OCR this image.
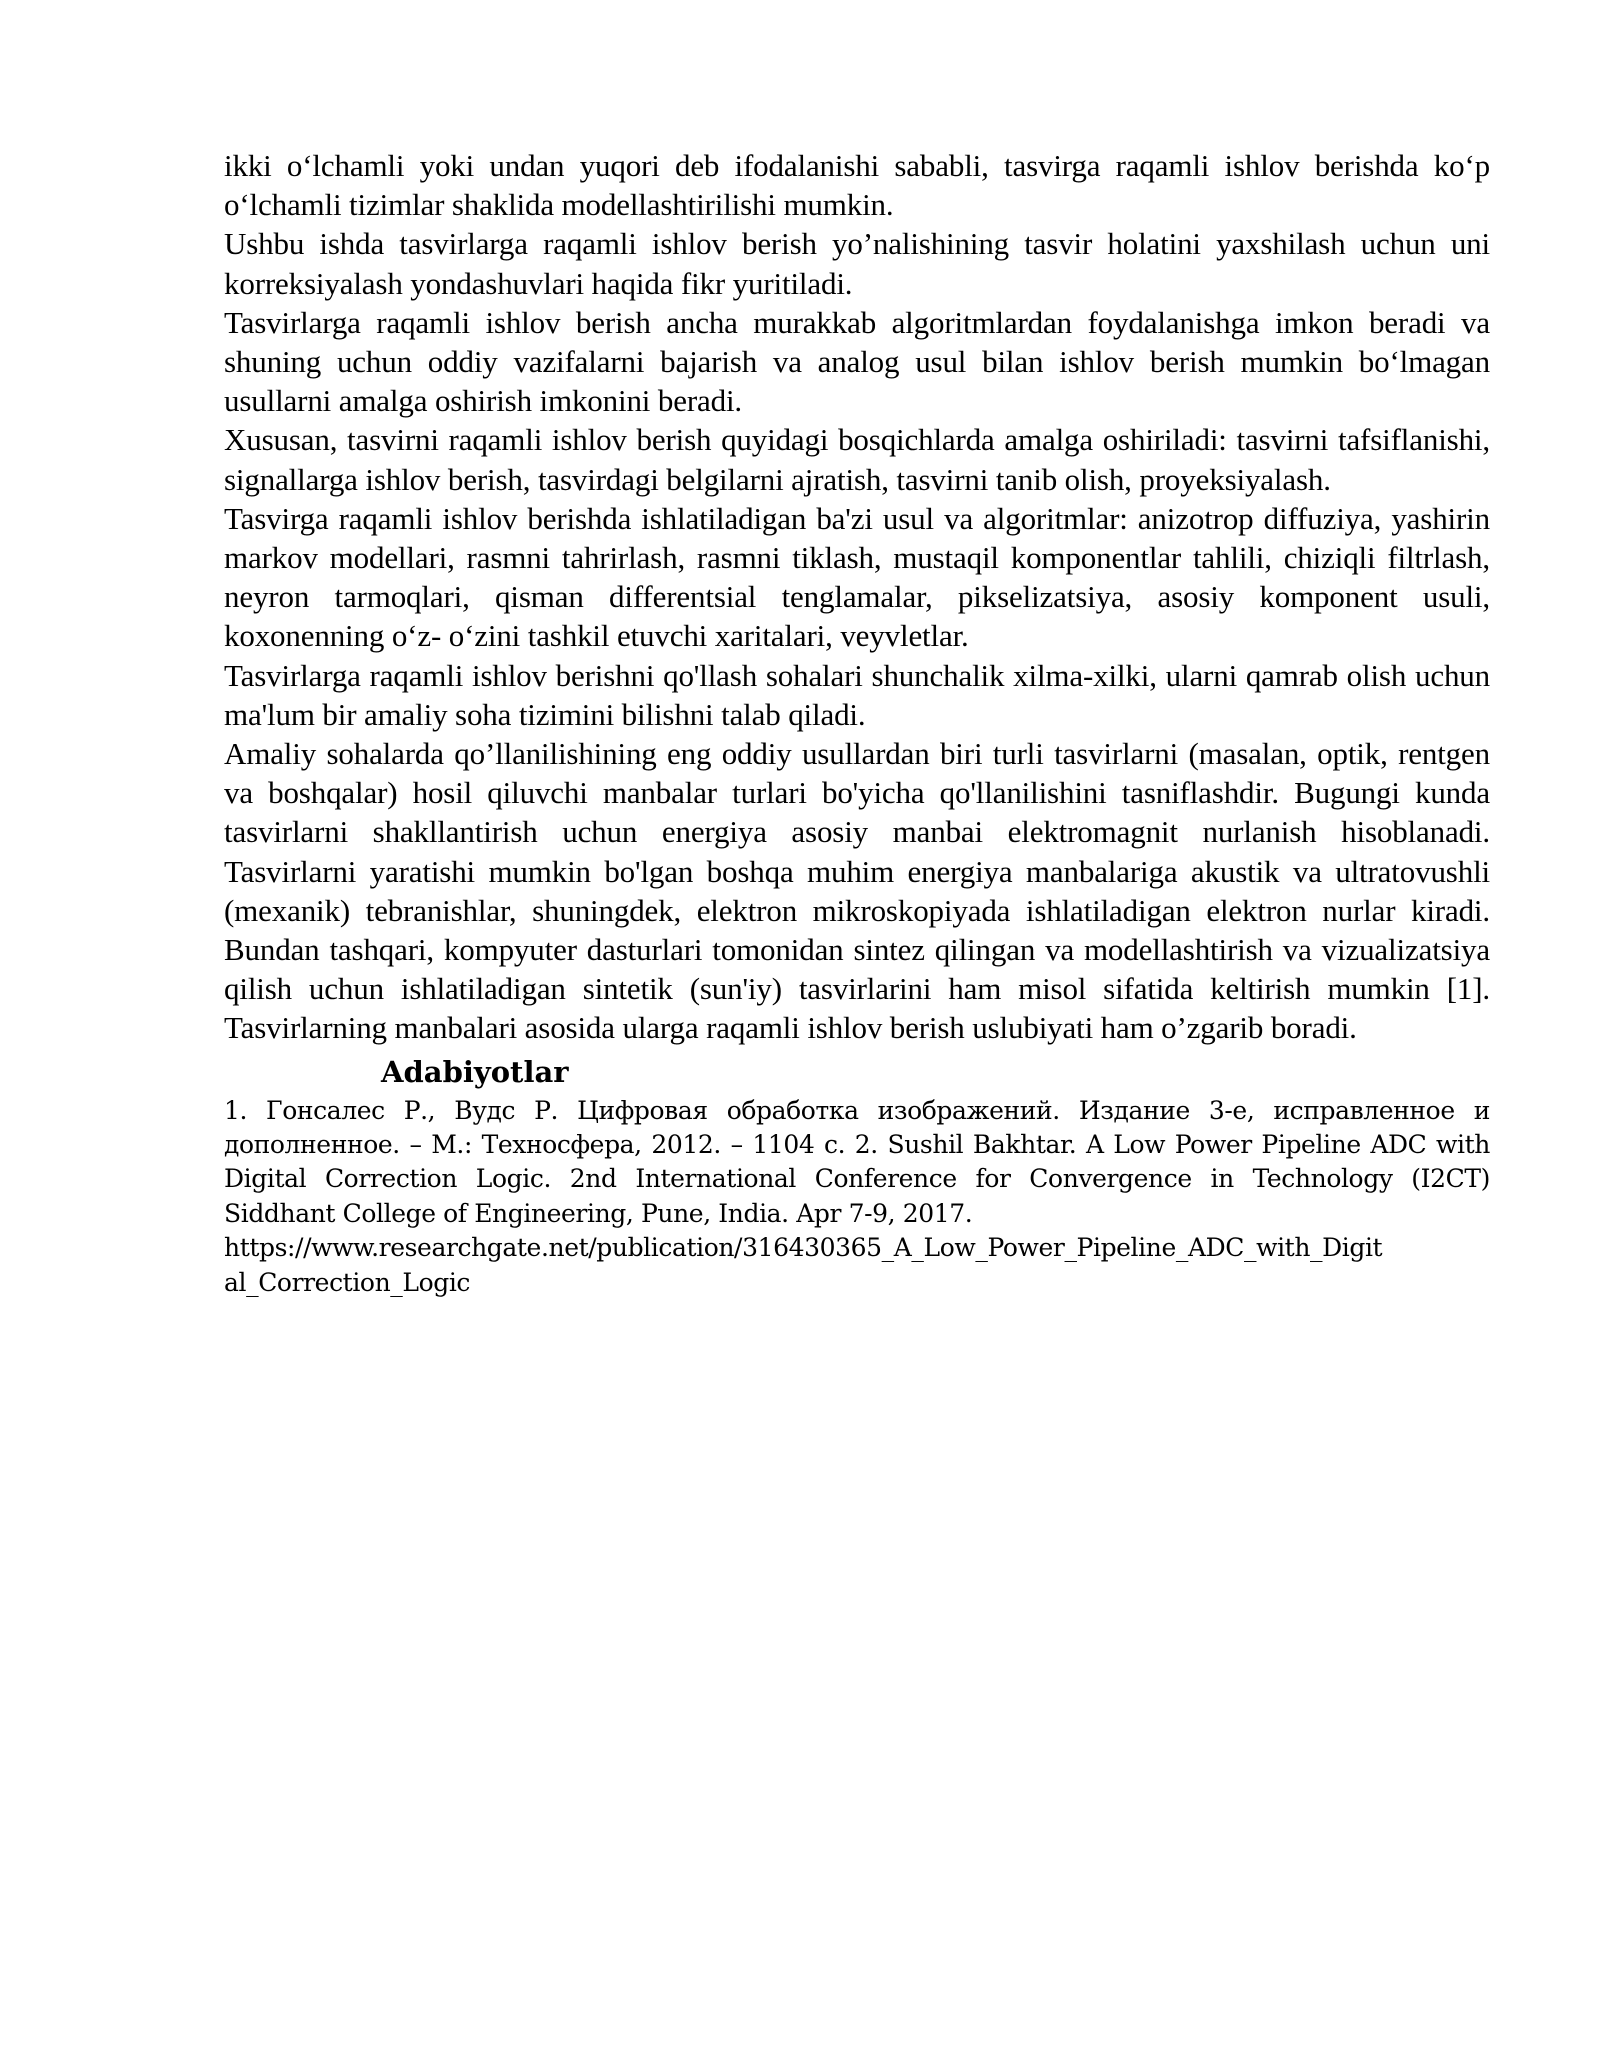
ikki o‘lchamli yoki undan yuqori deb ifodalanishi sababli, tasvirga raqamli ishlov berishda ko‘p o‘lchamli tizimlar shaklida modellashtirilishi mumkin.

Ushbu ishda tasvirlarga raqamli ishlov berish yo’nalishining tasvir holatini yaxshilash uchun uni korreksiyalash yondashuvlari haqida fikr yuritiladi.

Tasvirlarga raqamli ishlov berish ancha murakkab algoritmlardan foydalanishga imkon beradi va shuning uchun oddiy vazifalarni bajarish va analog usul bilan ishlov berish mumkin bo‘lmagan usullarni amalga oshirish imkonini beradi.

Xususan, tasvirni raqamli ishlov berish quyidagi bosqichlarda amalga oshiriladi: tasvirni tafsiflanishi, signallarga ishlov berish, tasvirdagi belgilarni ajratish, tasvirni tanib olish, proyeksiyalash.

Tasvirga raqamli ishlov berishda ishlatiladigan ba'zi usul va algoritmlar: anizotrop diffuziya, yashirin markov modellari, rasmni tahrirlash, rasmni tiklash, mustaqil komponentlar tahlili, chiziqli filtrlash, neyron tarmoqlari, qisman differentsial tenglamalar, pikselizatsiya, asosiy komponent usuli, koxonenning o‘z- o‘zini tashkil etuvchi xaritalari, veyvletlar.

Tasvirlarga raqamli ishlov berishni qo'llash sohalari shunchalik xilma-xilki, ularni qamrab olish uchun ma'lum bir amaliy soha tizimini bilishni talab qiladi.

Amaliy sohalarda qo’llanilishining eng oddiy usullardan biri turli tasvirlarni (masalan, optik, rentgen va boshqalar) hosil qiluvchi manbalar turlari bo'yicha qo'llanilishini tasniflashdir. Bugungi kunda tasvirlarni shakllantirish uchun energiya asosiy manbai elektromagnit nurlanish hisoblanadi. Tasvirlarni yaratishi mumkin bo'lgan boshqa muhim energiya manbalariga akustik va ultratovushli (mexanik) tebranishlar, shuningdek, elektron mikroskopiyada ishlatiladigan elektron nurlar kiradi. Bundan tashqari, kompyuter dasturlari tomonidan sintez qilingan va modellashtirish va vizualizatsiya qilish uchun ishlatiladigan sintetik (sun'iy) tasvirlarini ham misol sifatida keltirish mumkin [1]. Tasvirlarning manbalari asosida ularga raqamli ishlov berish uslubiyati ham o’zgarib boradi.

Adabiyotlar

1. Гонсалес Р., Вудс Р. Цифровая обработка изображений. Издание 3-е, исправленное и дополненное. – М.: Техносфера, 2012. – 1104 с. 2. Sushil Bakhtar. A Low Power Pipeline ADC with Digital Correction Logic. 2nd International Conference for Convergence in Technology (I2CT) Siddhant College of Engineering, Pune, India. Apr 7-9, 2017.

https://www.researchgate.net/publication/316430365_A_Low_Power_Pipeline_ADC_with_Digital_Correction_Logic
